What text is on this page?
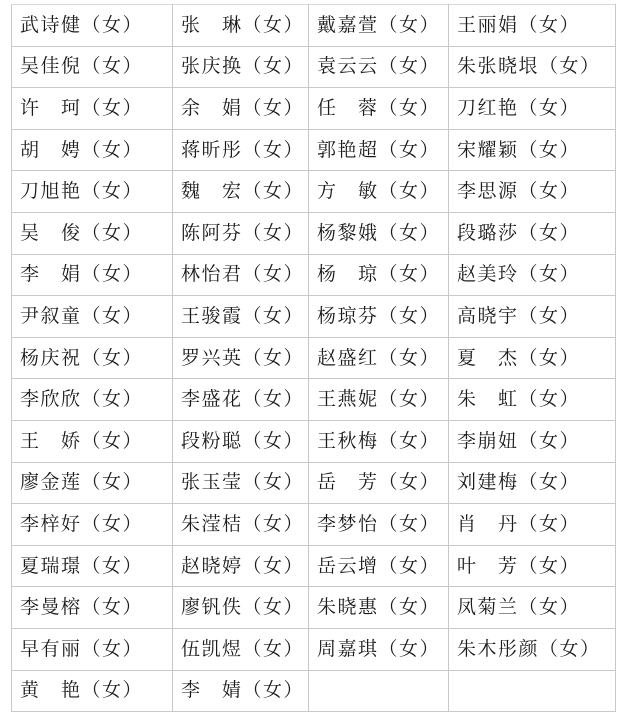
武诗健（女）	张　琳（女）	戴嘉萱（女）	王丽娟（女）
吴佳倪（女）	张庆换（女）	袁云云（女）	朱张晓垠（女）
许　珂（女）	余　娟（女）	任　蓉（女）	刀红艳（女）
胡　娉（女）	蒋昕彤（女）	郭艳超（女）	宋耀颖（女）
刀旭艳（女）	魏　宏（女）	方　敏（女）	李思源（女）
吴　俊（女）	陈阿芬（女）	杨黎娥（女）	段璐莎（女）
李　娟（女）	林怡君（女）	杨　琼（女）	赵美玲（女）
尹叙童（女）	王骏霞（女）	杨琼芬（女）	高晓宇（女）
杨庆祝（女）	罗兴英（女）	赵盛红（女）	夏　杰（女）
李欣欣（女）	李盛花（女）	王燕妮（女）	朱　虹（女）
王　娇（女）	段粉聪（女）	王秋梅（女）	李崩妞（女）
廖金莲（女）	张玉莹（女）	岳　芳（女）	刘建梅（女）
李梓好（女）	朱滢桔（女）	李梦怡（女）	肖　丹（女）
夏瑞璟（女）	赵晓婷（女）	岳云增（女）	叶　芳（女）
李曼榕（女）	廖钒佚（女）	朱晓惠（女）	凤菊兰（女）
早有丽（女）	伍凯煜（女）	周嘉琪（女）	朱木彤颜（女）
黄　艳（女）	李　婧（女）		
